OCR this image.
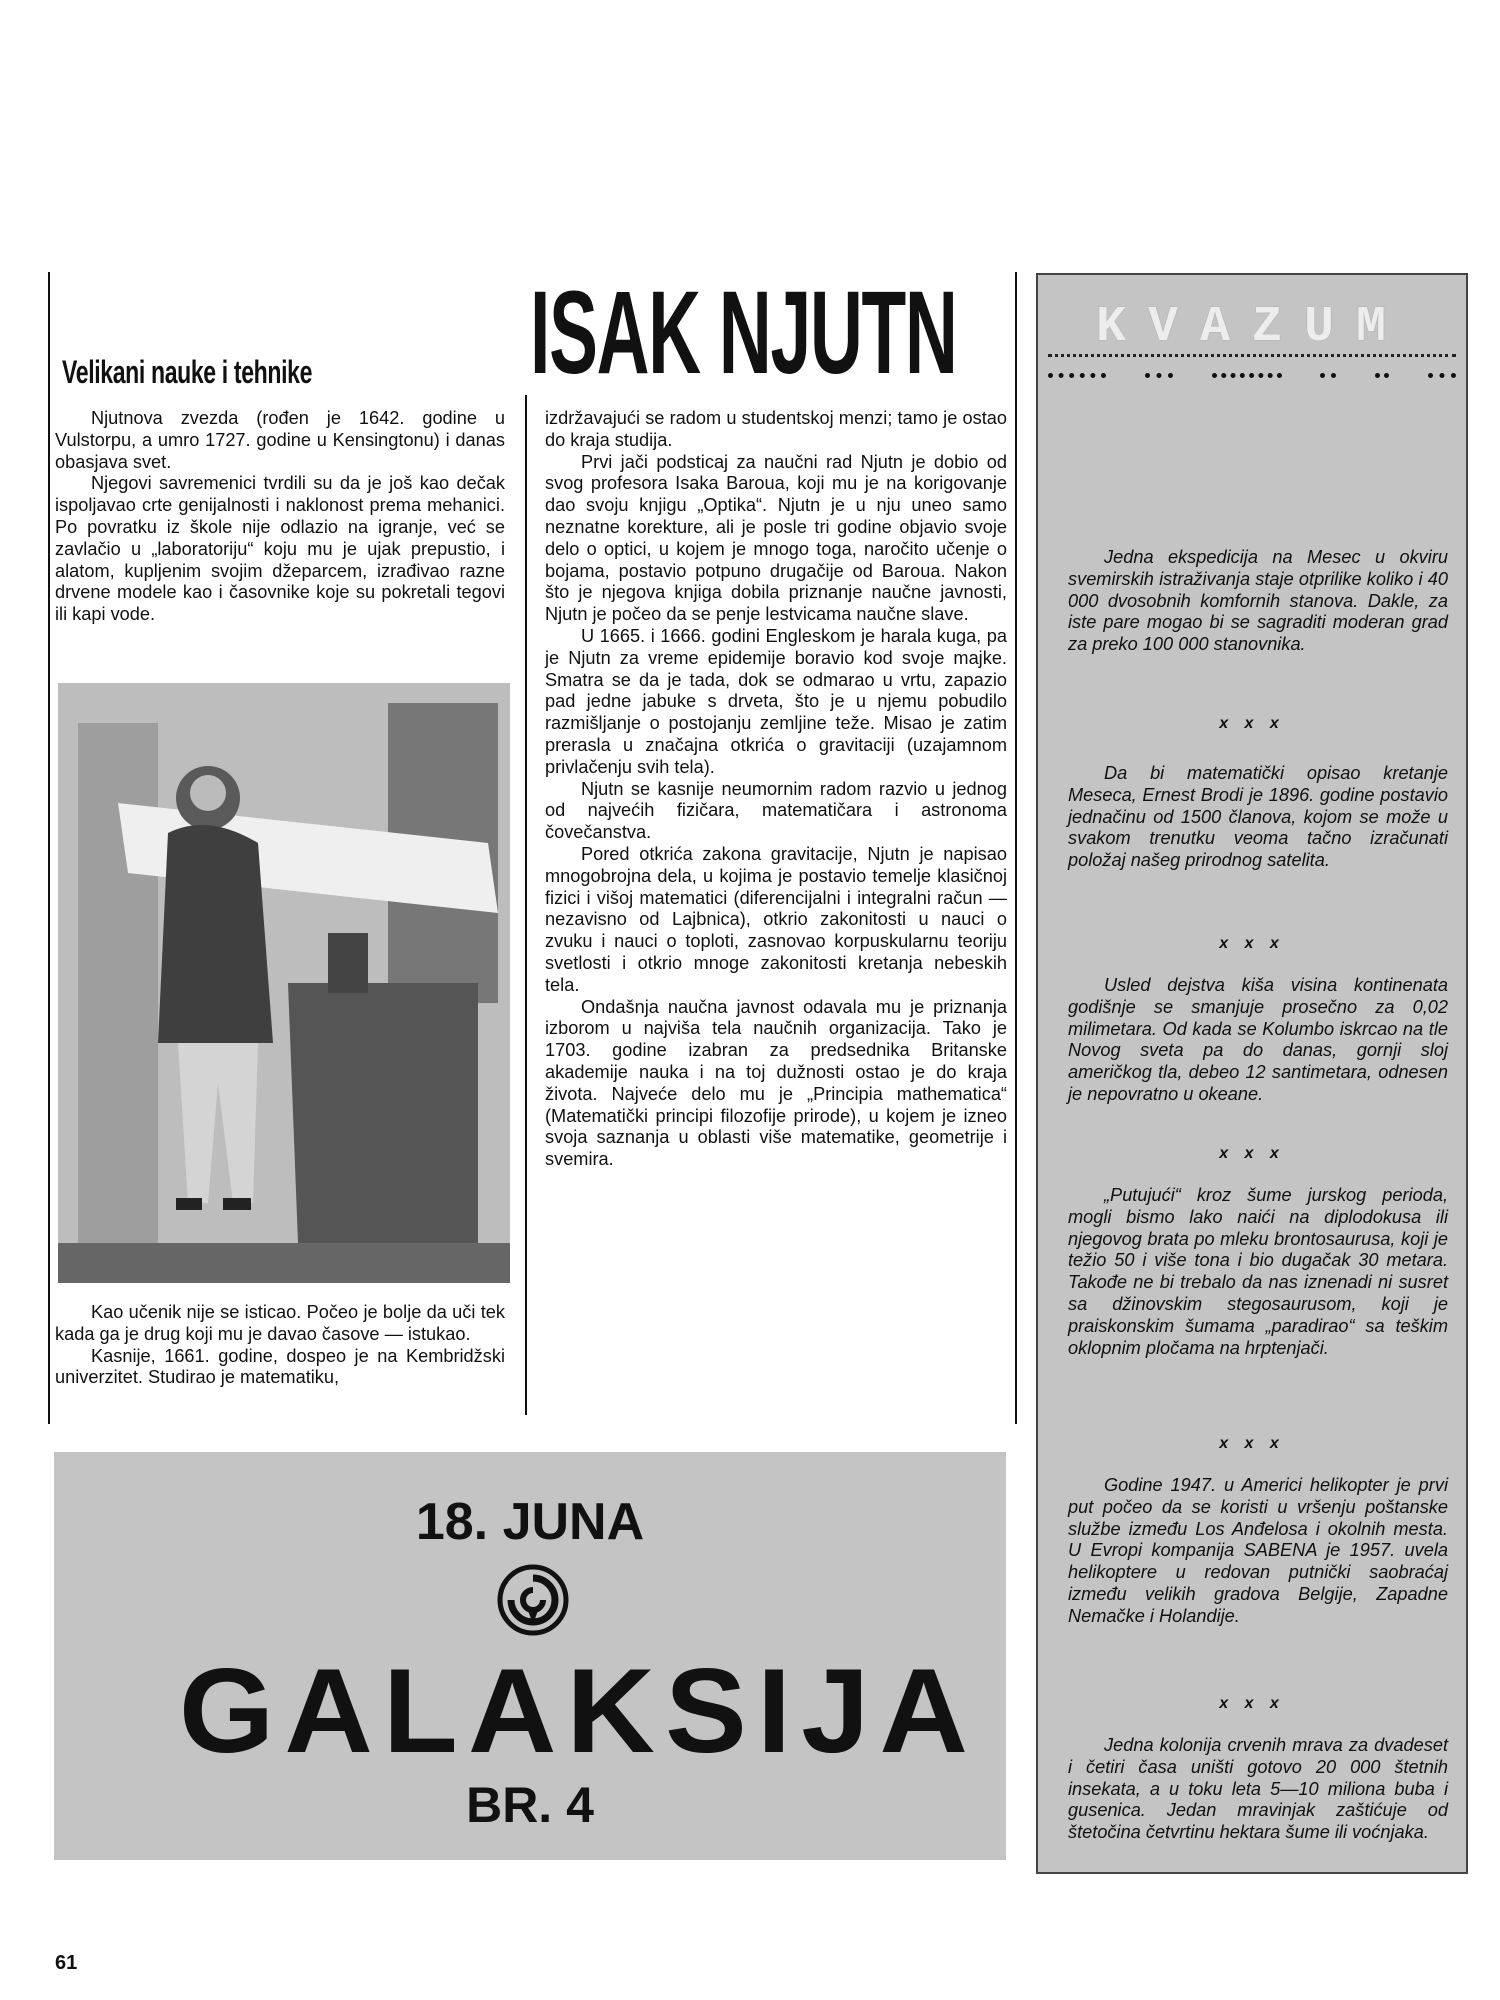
Velikani nauke i tehnike ISAK NJUTN

Njutnova zvezda (rođen je 1642. godine u Vulstorpu, a umro 1727. godine u Kensingtonu) i danas obasjava svet.

Njegovi savremenici tvrdili su da je još kao dečak ispoljavao crte genijalnosti i naklonost prema mehanici. Po povratku iz škole nije odlazio na igranje, već se zavlačio u „laboratoriju“ koju mu je ujak prepustio, i alatom, kupljenim svojim džeparcem, izrađivao razne drvene modele kao i časovnike koje su pokretali tegovi ili kapi vode.

Kao učenik nije se isticao. Počeo je bolje da uči tek kada ga je drug koji mu je davao časove — istukao.

Kasnije, 1661. godine, dospeo je na Kembridžski univerzitet. Studirao je matematiku,

izdržavajući se radom u studentskoj menzi; tamo je ostao do kraja studija.

Prvi jači podsticaj za naučni rad Njutn je dobio od svog profesora Isaka Baroua, koji mu je na korigovanje dao svoju knjigu „Optika“. Njutn je u nju uneo samo neznatne korekture, ali je posle tri godine objavio svoje delo o optici, u kojem je mnogo toga, naročito učenje o bojama, postavio potpuno drugačije od Baroua. Nakon što je njegova knjiga dobila priznanje naučne javnosti, Njutn je počeo da se penje lestvicama naučne slave.

U 1665. i 1666. godini Engleskom je harala kuga, pa je Njutn za vreme epidemije boravio kod svoje majke. Smatra se da je tada, dok se odmarao u vrtu, zapazio pad jedne jabuke s drveta, što je u njemu pobudilo razmišljanje o postojanju zemljine teže. Misao je zatim prerasla u značajna otkrića o gravitaciji (uzajamnom privlačenju svih tela).

Njutn se kasnije neumornim radom razvio u jednog od najvećih fizičara, matematičara i astronoma čovečanstva.

Pored otkrića zakona gravitacije, Njutn je napisao mnogobrojna dela, u kojima je postavio temelje klasičnoj fizici i višoj matematici (diferencijalni i integralni račun — nezavisno od Lajbnica), otkrio zakonitosti u nauci o zvuku i nauci o toploti, zasnovao korpuskularnu teoriju svetlosti i otkrio mnoge zakonitosti kretanja nebeskih tela.

Ondašnja naučna javnost odavala mu je priznanja izborom u najviša tela naučnih organizacija. Tako je 1703. godine izabran za predsednika Britanske akademije nauka i na toj dužnosti ostao je do kraja života. Najveće delo mu je „Principia mathematica“ (Matematički principi filozofije prirode), u kojem je izneo svoja saznanja u oblasti više matematike, geometrije i svemira.

KVAZUM

Jedna ekspedicija na Mesec u okviru svemirskih istraživanja staje otprilike koliko i 40 000 dvosobnih komfornih stanova. Dakle, za iste pare mogao bi se sagraditi moderan grad za preko 100 000 stanovnika.

x x x

Da bi matematički opisao kretanje Meseca, Ernest Brodi je 1896. godine postavio jednačinu od 1500 članova, kojom se može u svakom trenutku veoma tačno izračunati položaj našeg prirodnog satelita.

x x x

Usled dejstva kiša visina kontinenata godišnje se smanjuje prosečno za 0,02 milimetara. Od kada se Kolumbo iskrcao na tle Novog sveta pa do danas, gornji sloj američkog tla, debeo 12 santimetara, odnesen je nepovratno u okeane.

x x x

„Putujući“ kroz šume jurskog perioda, mogli bismo lako naići na diplodokusa ili njegovog brata po mleku brontosaurusa, koji je težio 50 i više tona i bio dugačak 30 metara. Takođe ne bi trebalo da nas iznenadi ni susret sa džinovskim stegosaurusom, koji je praiskonskim šumama „paradirao“ sa teškim oklopnim pločama na hrptenjači.

x x x

Godine 1947. u Americi helikopter je prvi put počeo da se koristi u vršenju poštanske službe između Los Anđelosa i okolnih mesta. U Evropi kompanija SABENA je 1957. uvela helikoptere u redovan putnički saobraćaj između velikih gradova Belgije, Zapadne Nemačke i Holandije.

x x x

Jedna kolonija crvenih mrava za dvadeset i četiri časa uništi gotovo 20 000 štetnih insekata, a u toku leta 5—10 miliona buba i gusenica. Jedan mravinjak zaštićuje od štetočina četvrtinu hektara šume ili voćnjaka.

18. JUNA
GALAKSIJA
BR. 4
61
